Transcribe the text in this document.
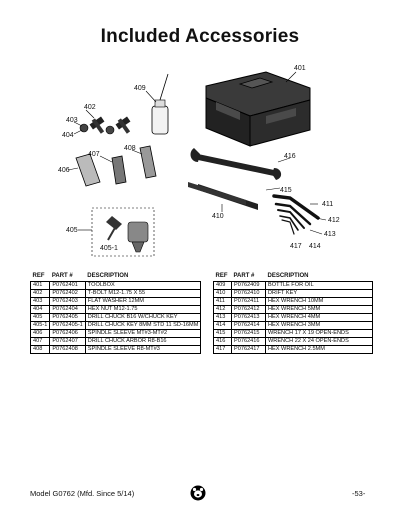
Included Accessories
401
409
402
403
404
406
407
408
416
415
410
411
412
413
414
417
405
405-1
REF	PART #	DESCRIPTION
401	P0762401	TOOLBOX
402	P0762402	T-BOLT M12-1.75 X 55
403	P0762403	FLAT WASHER 12MM
404	P0762404	HEX NUT M12-1.75
405	P0762405	DRILL CHUCK B16 W/CHUCK KEY
405-1	P0762405-1	DRILL CHUCK KEY 8MM STD 11 SD-16MM
406	P0762406	SPINDLE SLEEVE MT#3-MT#2
407	P0762407	DRILL CHUCK ARBOR R8-B16
408	P0762408	SPINDLE SLEEVE R8-MT#3
REF	PART #	DESCRIPTION
409	P0762409	BOTTLE FOR OIL
410	P0762410	DRIFT KEY
411	P0762411	HEX WRENCH 10MM
412	P0762412	HEX WRENCH 5MM
413	P0762413	HEX WRENCH 4MM
414	P0762414	HEX WRENCH 3MM
415	P0762415	WRENCH 17 X 19 OPEN-ENDS
416	P0762416	WRENCH 22 X 24 OPEN-ENDS
417	P0762417	HEX WRENCH 2.5MM
Model G0762 (Mfd. Since 5/14)	-53-
